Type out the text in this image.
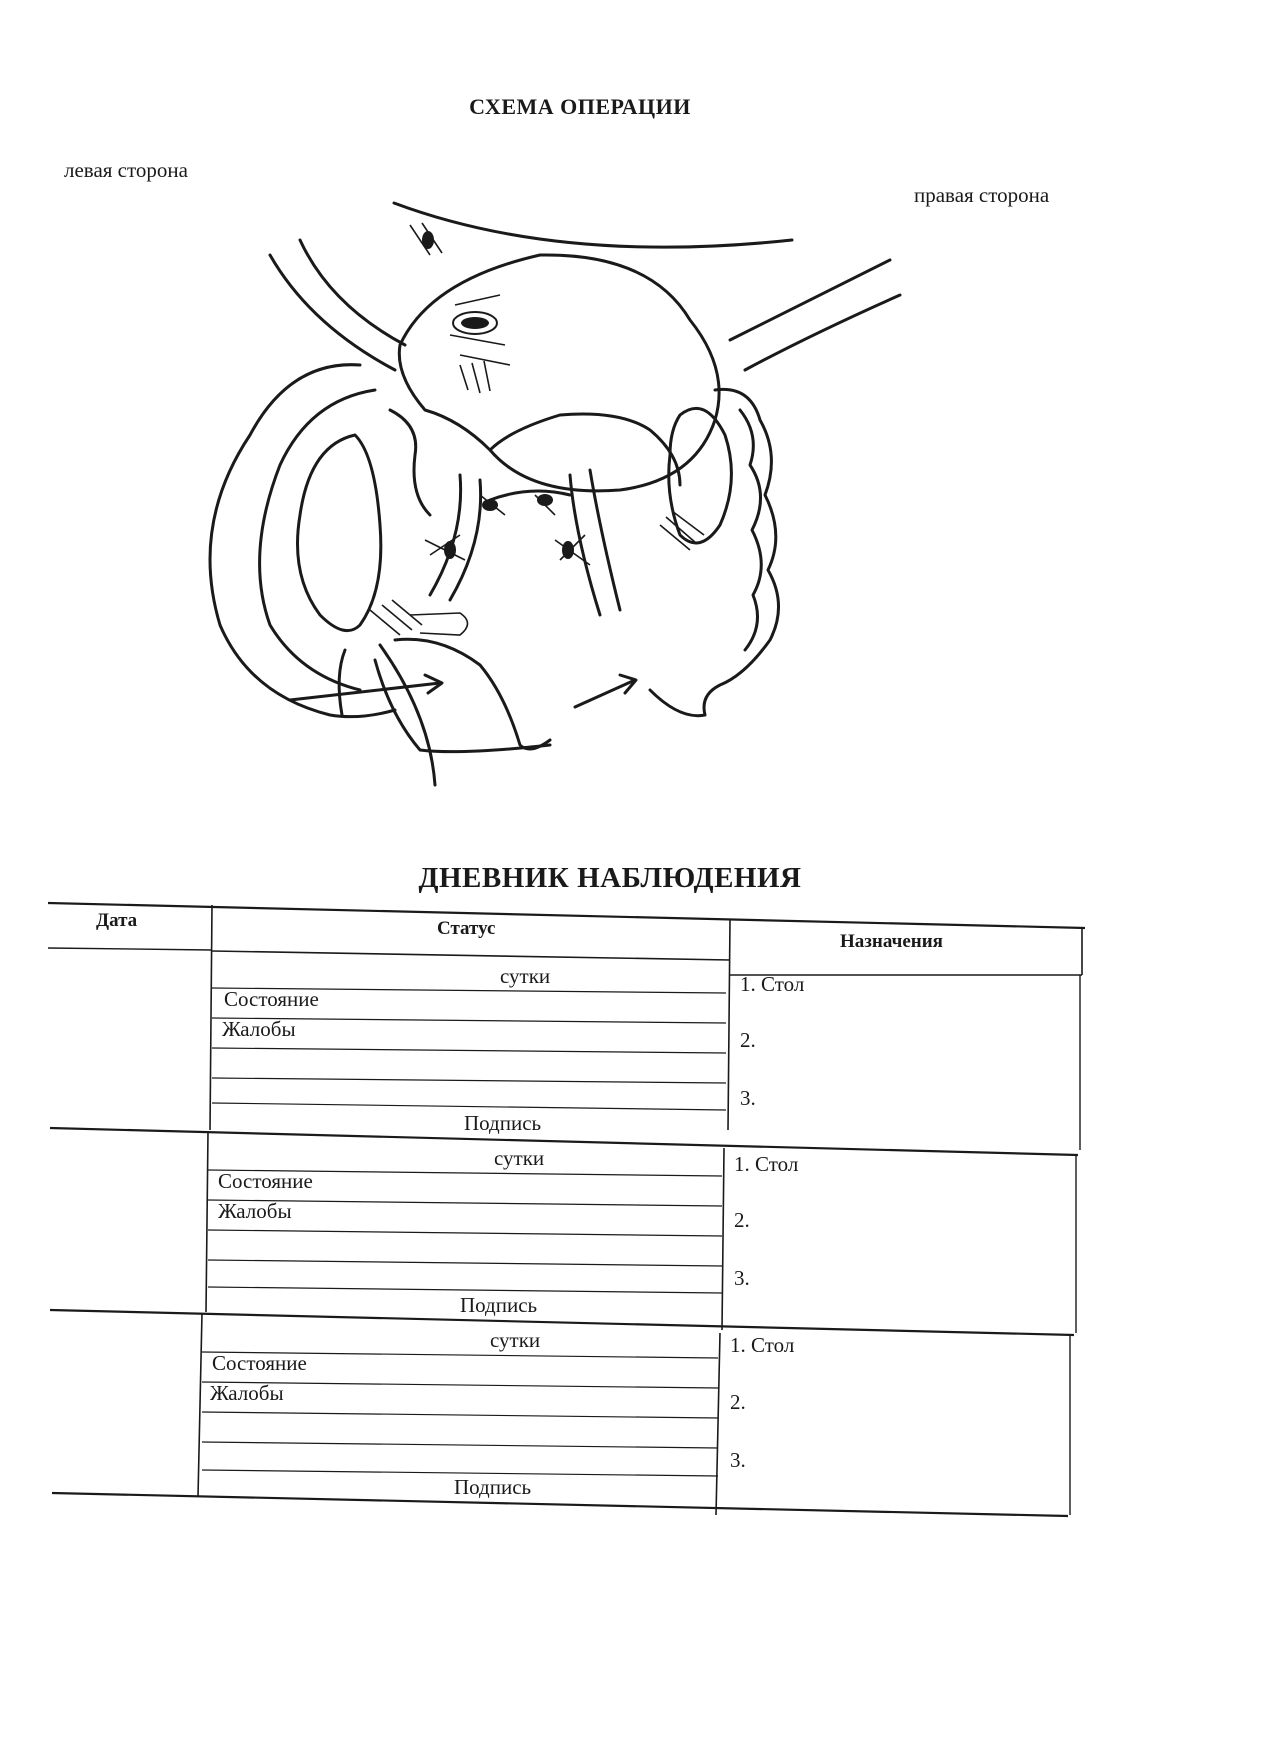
СХЕМА ОПЕРАЦИИ
левая сторона
правая сторона
ДНЕВНИК НАБЛЮДЕНИЯ
Дата	Статус
Назначения
сутки
Состояние
Жалобы
Подпись
1. Стол
2.
3.
сутки
Состояние
Жалобы
Подпись
1. Стол
2.
3.
сутки
Состояние
Жалобы
Подпись
1. Стол
2.
3.
